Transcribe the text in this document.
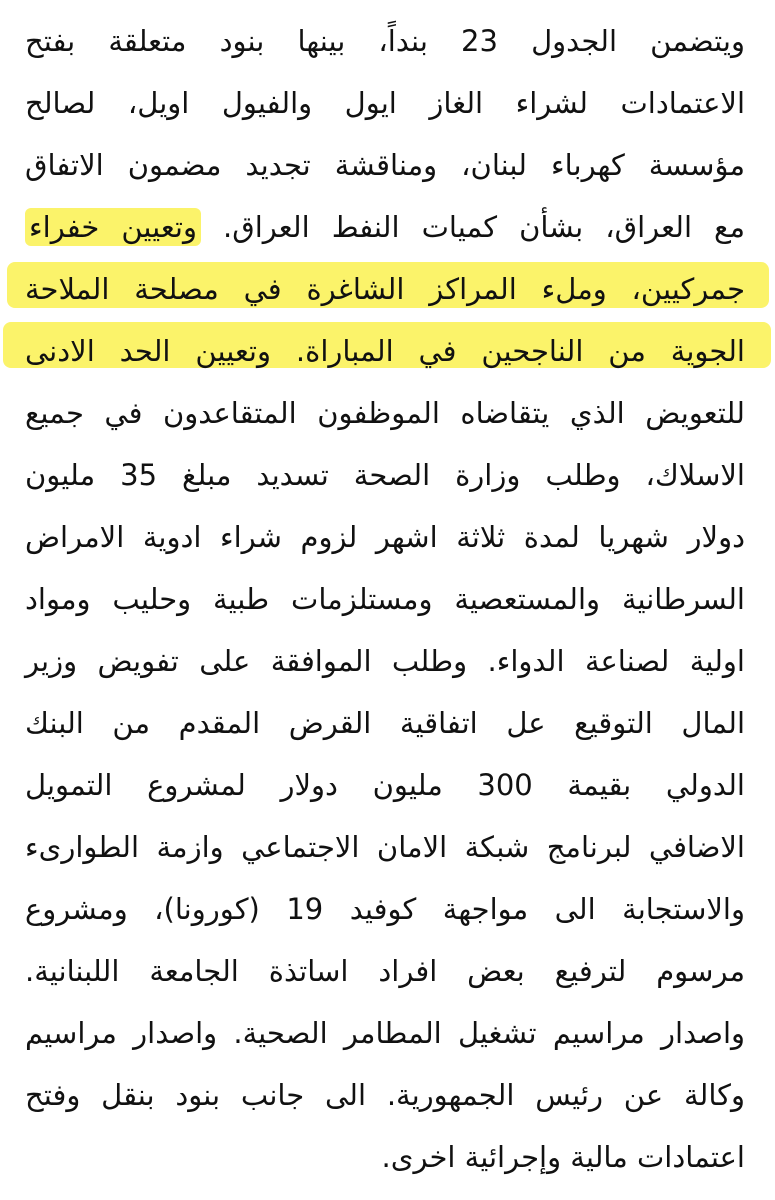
ويتضمن الجدول 23 بنداً، بينها بنود متعلقة بفتح
الاعتمادات لشراء الغاز ايول والفيول اويل، لصالح
مؤسسة كهرباء لبنان، ومناقشة تجديد مضمون الاتفاق
مع العراق، بشأن كميات النفط العراق. وتعيين خفراء
جمركيين، وملء المراكز الشاغرة في مصلحة الملاحة
الجوية من الناجحين في المباراة. وتعيين الحد الادنى
للتعويض الذي يتقاضاه الموظفون المتقاعدون في جميع
الاسلاك، وطلب وزارة الصحة تسديد مبلغ 35 مليون
دولار شهريا لمدة ثلاثة اشهر لزوم شراء ادوية الامراض
السرطانية والمستعصية ومستلزمات طبية وحليب ومواد
اولية لصناعة الدواء. وطلب الموافقة على تفويض وزير
المال التوقيع عل اتفاقية القرض المقدم من البنك
الدولي بقيمة 300 مليون دولار لمشروع التمويل
الاضافي لبرنامج شبكة الامان الاجتماعي وازمة الطوارىء
والاستجابة الى مواجهة كوفيد 19 (كورونا)، ومشروع
مرسوم لترفيع بعض افراد اساتذة الجامعة اللبنانية.
واصدار مراسيم تشغيل المطامر الصحية. واصدار مراسيم
وكالة عن رئيس الجمهورية. الى جانب بنود بنقل وفتح
اعتمادات مالية وإجرائية اخرى.
